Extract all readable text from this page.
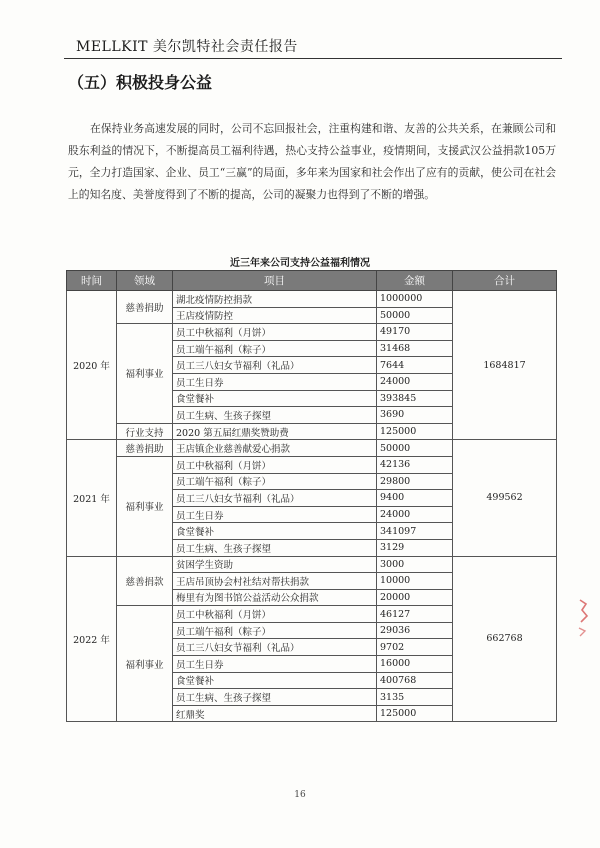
MELLKIT 美尔凯特社会责任报告
（五）积极投身公益
在保持业务高速发展的同时，公司不忘回报社会，注重构建和谐、友善的公共关系，在兼顾公司和股东利益的情况下，不断提高员工福利待遇，热心支持公益事业，疫情期间，支援武汉公益捐款105万元，全力打造国家、企业、员工“三赢”的局面，多年来为国家和社会作出了应有的贡献，使公司在社会上的知名度、美誉度得到了不断的提高，公司的凝聚力也得到了不断的增强。
近三年来公司支持公益福利情况
时间	领域	项目	金额	合计
2020 年	慈善捐助	湖北疫情防控捐款	1000000	1684817
		王店疫情防控	50000	
	福利事业	员工中秋福利（月饼）	49170	
		员工端午福利（粽子）	31468	
		员工三八妇女节福利（礼品）	7644	
		员工生日券	24000	
		食堂餐补	393845	
		员工生病、生孩子探望	3690	
	行业支持	2020 第五届红鼎奖赞助费	125000	
2021 年	慈善捐助	王店镇企业慈善献爱心捐款	50000	499562
	福利事业	员工中秋福利（月饼）	42136	
		员工端午福利（粽子）	29800	
		员工三八妇女节福利（礼品）	9400	
		员工生日券	24000	
		食堂餐补	341097	
		员工生病、生孩子探望	3129	
2022 年	慈善捐款	贫困学生资助	3000	662768
		王店吊顶协会村社结对帮扶捐款	10000	
		梅里有为图书馆公益活动公众捐款	20000	
	福利事业	员工中秋福利（月饼）	46127	
		员工端午福利（粽子）	29036	
		员工三八妇女节福利（礼品）	9702	
		员工生日券	16000	
		食堂餐补	400768	
		员工生病、生孩子探望	3135	
		红鼎奖	125000	
16
